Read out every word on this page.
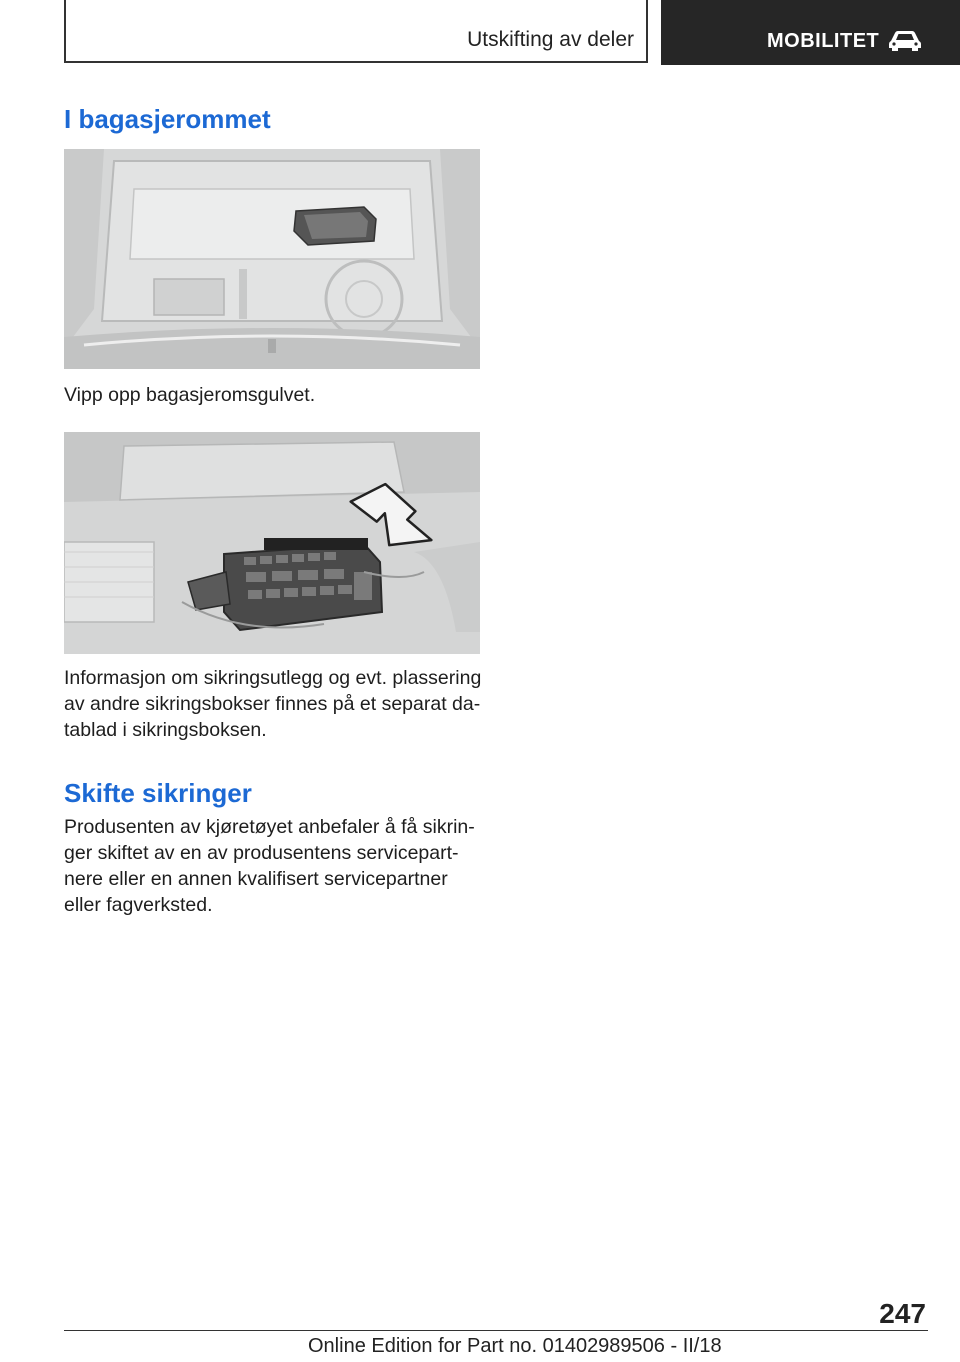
Utskifting av deler	MOBILITET
I bagasjerommet

Vipp opp bagasjeromsgulvet.

Informasjon om sikringsutlegg og evt. plassering av andre sikringsbokser finnes på et separat datablad i sikringsboksen.

Skifte sikringer

Produsenten av kjøretøyet anbefaler å få sikringer skiftet av en av produsentens servicepartnere eller en annen kvalifisert servicepartner eller fagverksted.

247
Online Edition for Part no. 01402989506 - II/18
